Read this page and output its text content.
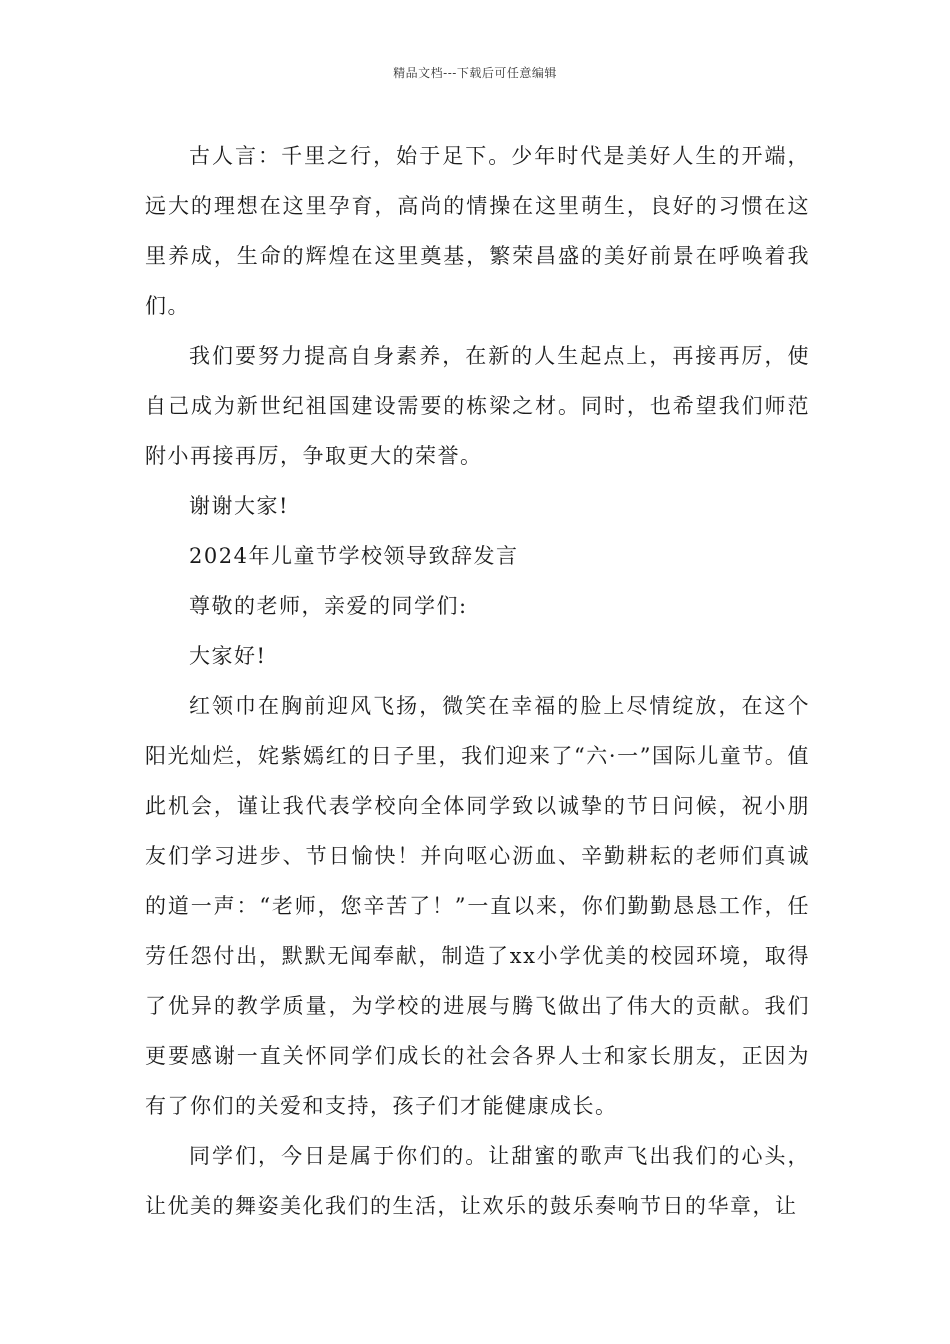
精品文档---下载后可任意编辑

古人言：千里之行，始于足下。少年时代是美好人生的开端，远大的理想在这里孕育，高尚的情操在这里萌生，良好的习惯在这里养成，生命的辉煌在这里奠基，繁荣昌盛的美好前景在呼唤着我们。

我们要努力提高自身素养，在新的人生起点上，再接再厉，使自己成为新世纪祖国建设需要的栋梁之材。同时，也希望我们师范附小再接再厉，争取更大的荣誉。

谢谢大家!

2024年儿童节学校领导致辞发言

尊敬的老师，亲爱的同学们:

大家好!

红领巾在胸前迎风飞扬，微笑在幸福的脸上尽情绽放，在这个阳光灿烂，姹紫嫣红的日子里，我们迎来了“六·一”国际儿童节。值此机会，谨让我代表学校向全体同学致以诚挚的节日问候，祝小朋友们学习进步、节日愉快！并向呕心沥血、辛勤耕耘的老师们真诚的道一声：“老师，您辛苦了！”一直以来，你们勤勤恳恳工作，任劳任怨付出，默默无闻奉献，制造了xx小学优美的校园环境，取得了优异的教学质量，为学校的进展与腾飞做出了伟大的贡献。我们更要感谢一直关怀同学们成长的社会各界人士和家长朋友，正因为有了你们的关爱和支持，孩子们才能健康成长。

同学们，今日是属于你们的。让甜蜜的歌声飞出我们的心头，让优美的舞姿美化我们的生活，让欢乐的鼓乐奏响节日的华章，让
